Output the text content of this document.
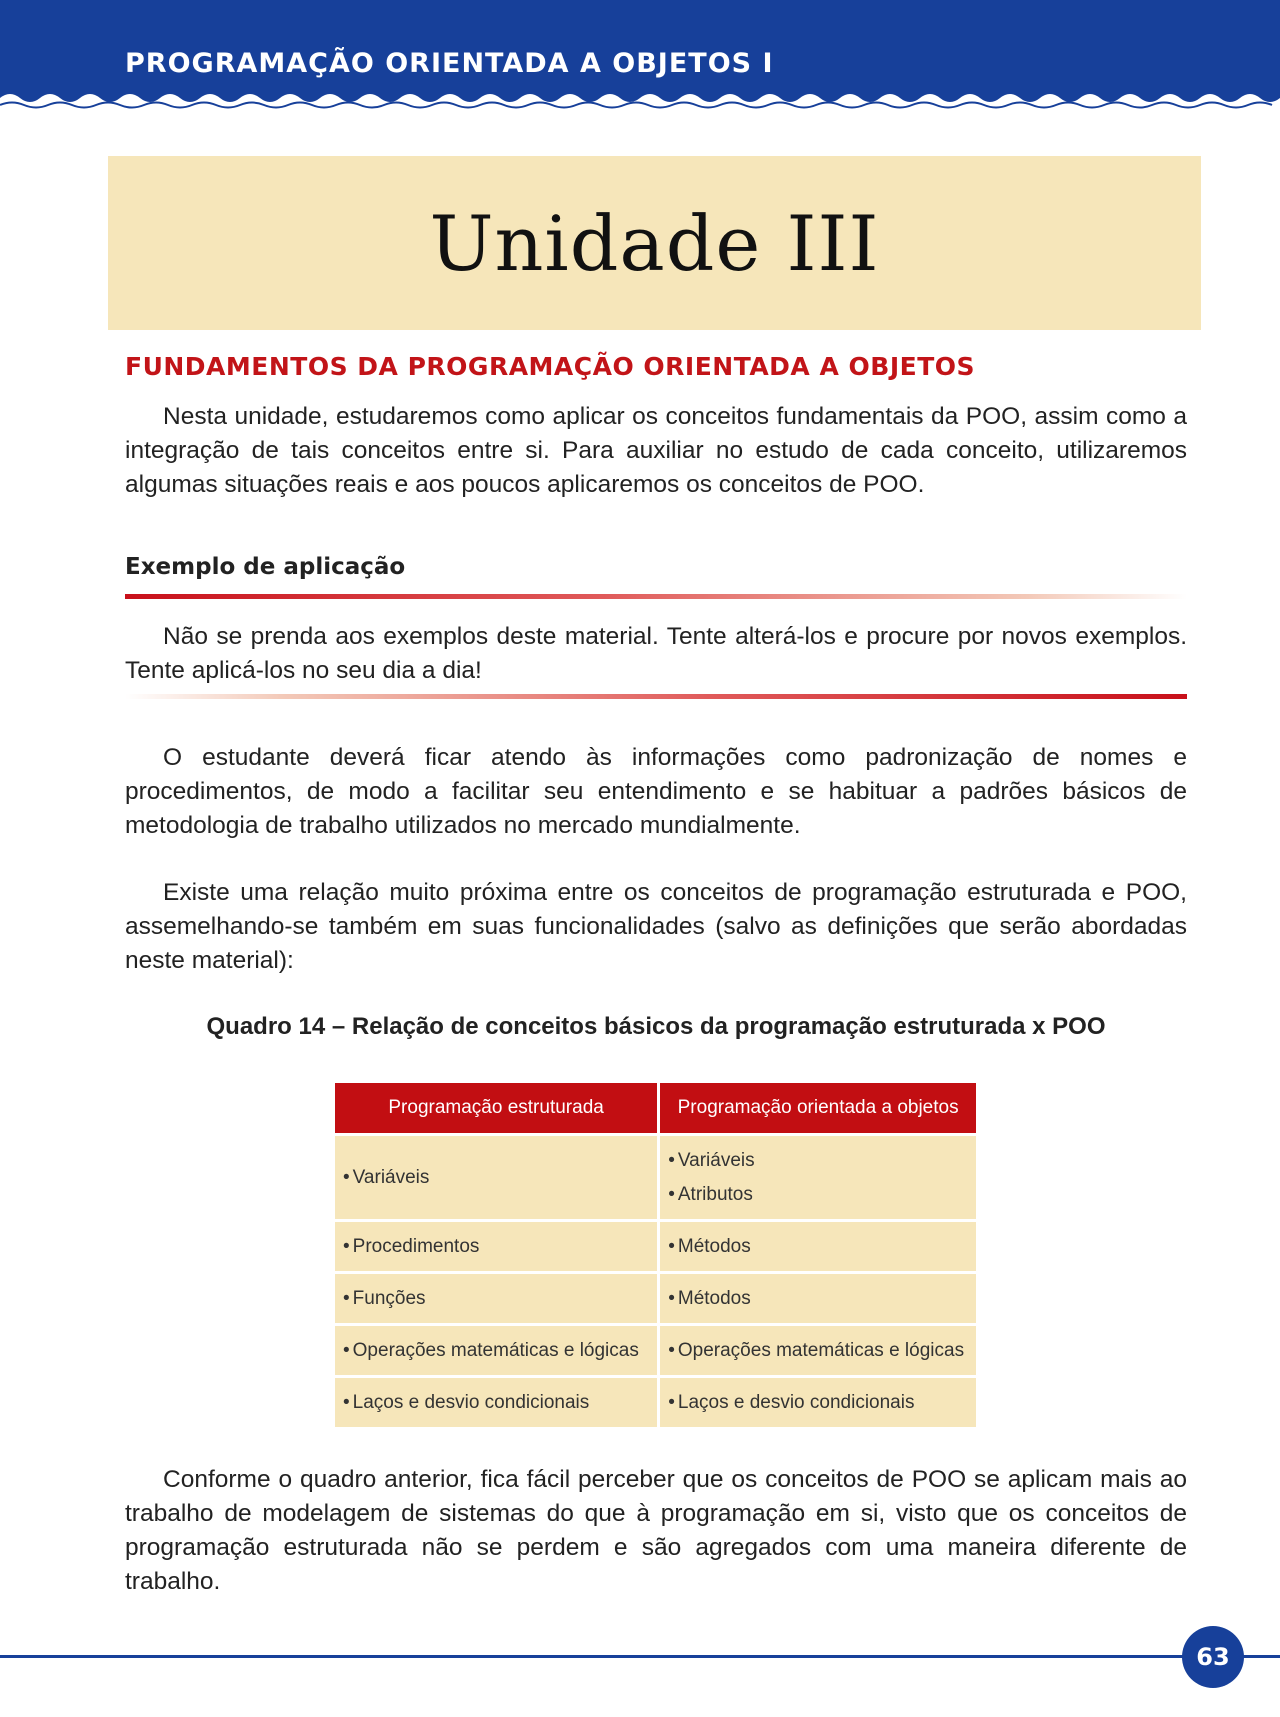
PROGRAMAÇÃO ORIENTADA A OBJETOS I
Unidade III
FUNDAMENTOS DA PROGRAMAÇÃO ORIENTADA A OBJETOS

Nesta unidade, estudaremos como aplicar os conceitos fundamentais da POO, assim como a integração de tais conceitos entre si. Para auxiliar no estudo de cada conceito, utilizaremos algumas situações reais e aos poucos aplicaremos os conceitos de POO.

Exemplo de aplicação

Não se prenda aos exemplos deste material. Tente alterá-los e procure por novos exemplos. Tente aplicá-los no seu dia a dia!

O estudante deverá ficar atendo às informações como padronização de nomes e procedimentos, de modo a facilitar seu entendimento e se habituar a padrões básicos de metodologia de trabalho utilizados no mercado mundialmente.

Existe uma relação muito próxima entre os conceitos de programação estruturada e POO, assemelhando-se também em suas funcionalidades (salvo as definições que serão abordadas neste material):

Quadro 14 – Relação de conceitos básicos da programação estruturada x POO
Programação estruturada	Programação orientada a objetos

• Variáveis	• Variáveis
• Atributos

• Procedimentos	• Métodos

• Funções	• Métodos

• Operações matemáticas e lógicas	• Operações matemáticas e lógicas

• Laços e desvio condicionais	• Laços e desvio condicionais

Conforme o quadro anterior, fica fácil perceber que os conceitos de POO se aplicam mais ao trabalho de modelagem de sistemas do que à programação em si, visto que os conceitos de programação estruturada não se perdem e são agregados com uma maneira diferente de trabalho.

63
